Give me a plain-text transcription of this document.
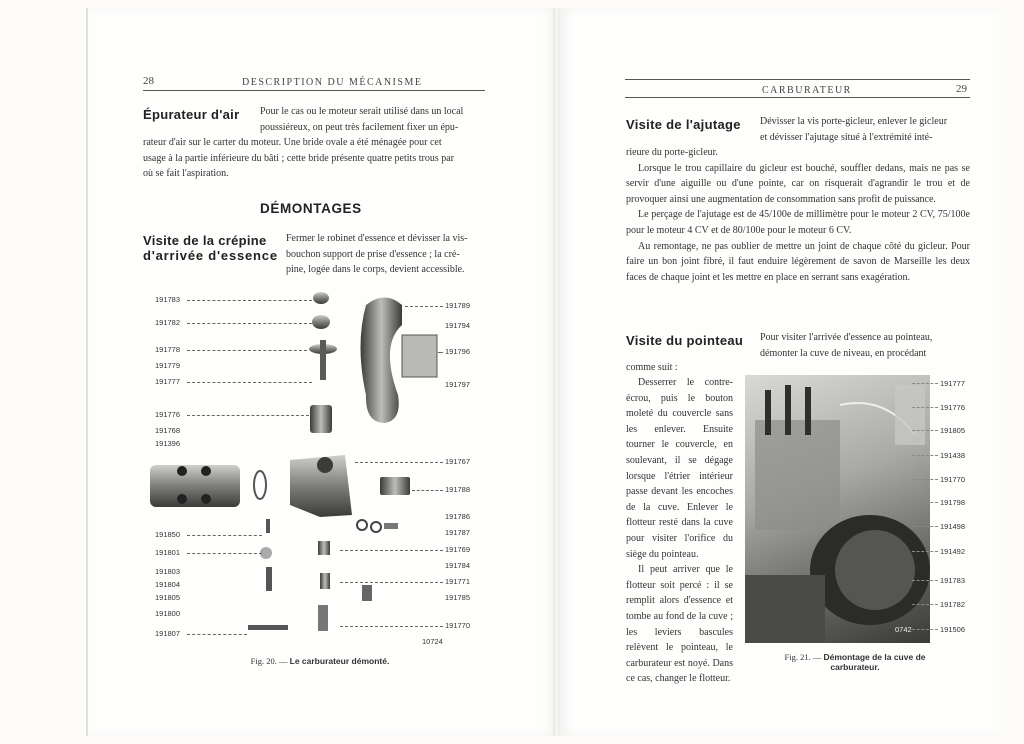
28	DESCRIPTION DU MÉCANISME
Épurateur d'air Pour le cas ou le moteur serait utilisé dans un local

poussiéreux, on peut très facilement fixer un épu-

rateur d'air sur le carter du moteur. Une bride ovale a été ménagée pour cet

usage à la partie inférieure du bâti ; cette bride présente quatre petits trous par

où se fait l'aspiration.

DÉMONTAGES
Visite de la crépine
d'arrivée d'essence

Fermer le robinet d'essence et dévisser la vis-

bouchon support de prise d'essence ; la cré-

pine, logée dans le corps, devient accessible.

191783
191782
191778
191779
191777
191776
191768
191396
191850
191801
191803
191804
191805
191800
191807
191789
191794
191796
191797
191767
191788
191786
191787
191769
191784
191771
191785
191770
10724
Fig. 20. — Le carburateur démonté.
CARBURATEUR	29
Visite de l'ajutage Dévisser la vis porte-gicleur, enlever le gicleur

et dévisser l'ajutage situé à l'extrémité inté-

rieure du porte-gicleur.

Lorsque le trou capillaire du gicleur est bouché, souffler dedans, mais ne pas se servir d'une aiguille ou d'une pointe, car on risquerait d'agrandir le trou et de provoquer ainsi une augmentation de consommation sans profit de puissance.

Le perçage de l'ajutage est de 45/100e de millimètre pour le moteur 2 CV, 75/100e pour le moteur 4 CV et de 80/100e pour le moteur 6 CV.

Au remontage, ne pas oublier de mettre un joint de chaque côté du gicleur. Pour faire un bon joint fibré, il faut enduire légèrement de savon de Marseille les deux faces de chaque joint et les mettre en place en serrant sans exagération.

Visite du pointeau Pour visiter l'arrivée d'essence au pointeau,

démonter la cuve de niveau, en procédant

comme suit :

Desserrer le contre-écrou, puis le bouton moleté du couvercle sans les enlever. Ensuite tourner le couvercle, en soulevant, il se dégage lorsque l'étrier intérieur passe devant les encoches de la cuve. Enlever le flotteur resté dans la cuve pour visiter l'orifice du siège du pointeau.

Il peut arriver que le flotteur soit percé : il se remplit alors d'essence et tombe au fond de la cuve ; les leviers bascules relèvent le pointeau, le carburateur est noyé. Dans ce cas, changer le flotteur.

0742
191777
191776
191805
191438
191770
191798
191498
191492
191783
191782
191506
Fig. 21. — Démontage de la cuve de
carburateur.
